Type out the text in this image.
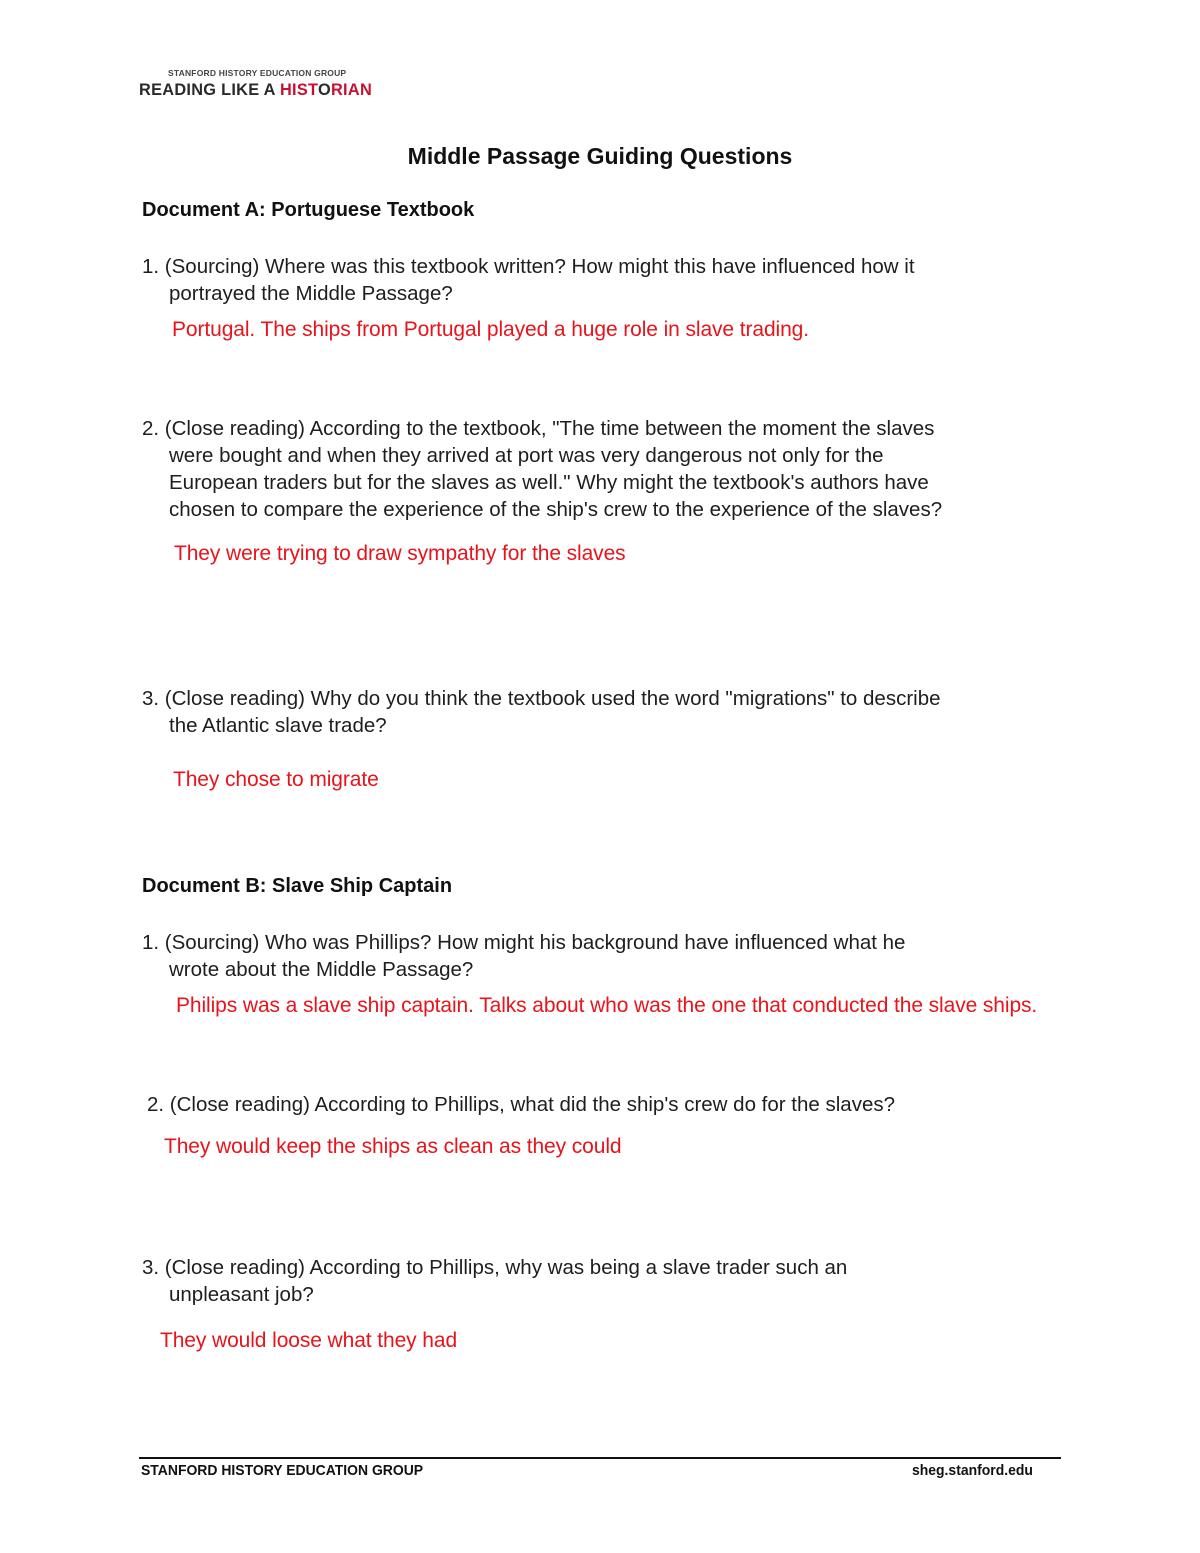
STANFORD HISTORY EDUCATION GROUP
READING LIKE A HISTORIAN
Middle Passage Guiding Questions
Document A: Portuguese Textbook
1. (Sourcing) Where was this textbook written? How might this have influenced how it
portrayed the Middle Passage?
Portugal. The ships from Portugal played a huge role in slave trading.
2. (Close reading) According to the textbook, "The time between the moment the slaves
were bought and when they arrived at port was very dangerous not only for the
European traders but for the slaves as well." Why might the textbook's authors have
chosen to compare the experience of the ship's crew to the experience of the slaves?
They were trying to draw sympathy for the slaves
3. (Close reading) Why do you think the textbook used the word "migrations" to describe
the Atlantic slave trade?
They chose to migrate
Document B: Slave Ship Captain
1. (Sourcing) Who was Phillips? How might his background have influenced what he
wrote about the Middle Passage?
Philips was a slave ship captain. Talks about who was the one that conducted the slave ships.
2. (Close reading) According to Phillips, what did the ship's crew do for the slaves?
They would keep the ships as clean as they could
3. (Close reading) According to Phillips, why was being a slave trader such an
unpleasant job?
They would loose what they had
STANFORD HISTORY EDUCATION GROUP	sheg.stanford.edu
